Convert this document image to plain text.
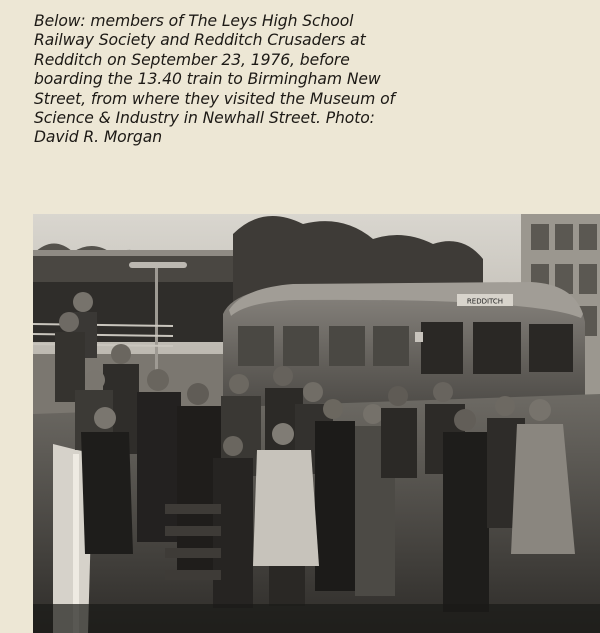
Below: members of The Leys High School
Railway Society and Redditch Crusaders at
Redditch on September 23, 1976, before
boarding the 13.40 train to Birmingham New
Street, from where they visited the Museum of
Science & Industry in Newhall Street. Photo:
David R. Morgan
REDDITCH
